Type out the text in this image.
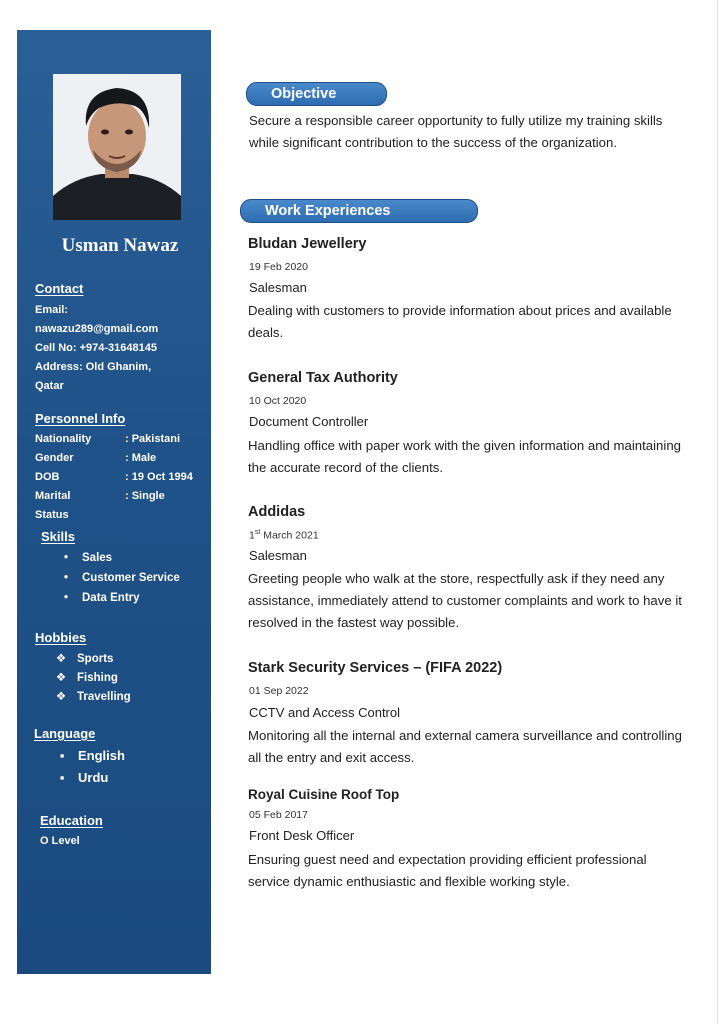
Usman Nawaz
Contact
Email:
nawazu289@gmail.com
Cell No: +974-31648145
Address: Old Ghanim,
Qatar
Personnel Info
Nationality	: Pakistani
Gender	: Male
DOB	: 19 Oct 1994
Marital Status
: Single
Skills
•	Sales
•	Customer Service
•	Data Entry
Hobbies
❖ Sports
❖ Fishing
❖ Travelling
Language
▪ English
▪ Urdu
Education
O Level
Objective
Secure a responsible career opportunity to fully utilize my training skills while significant contribution to the success of the organization.
Work Experiences
Bludan Jewellery
19 Feb 2020
Salesman
Dealing with customers to provide information about prices and available deals.
General Tax Authority
10 Oct 2020
Document Controller
Handling office with paper work with the given information and maintaining the accurate record of the clients.
Addidas
1st March 2021
Salesman
Greeting people who walk at the store, respectfully ask if they need any assistance, immediately attend to customer complaints and work to have it resolved in the fastest way possible.
Stark Security Services – (FIFA 2022)
01 Sep 2022
CCTV and Access Control
Monitoring all the internal and external camera surveillance and controlling all the entry and exit access.
Royal Cuisine Roof Top
05 Feb 2017
Front Desk Officer
Ensuring guest need and expectation providing efficient professional service dynamic enthusiastic and flexible working style.
